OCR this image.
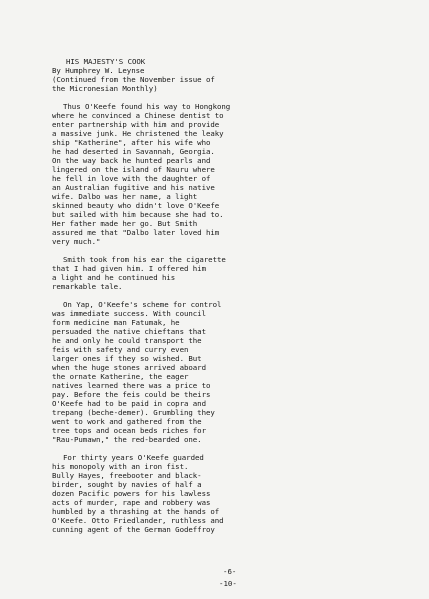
HIS MAJESTY'S COOK
By Humphrey W. Leynse
(Continued from the November issue of
the Micronesian Monthly)
Thus O'Keefe found his way to Hongkong
where he convinced a Chinese dentist to
enter partnership with him and provide
a massive junk. He christened the leaky
ship "Katherine", after his wife who
he had deserted in Savannah, Georgia.
On the way back he hunted pearls and
lingered on the island of Nauru where
he fell in love with the daughter of
an Australian fugitive and his native
wife. Dalbo was her name, a light
skinned beauty who didn't love O'Keefe
but sailed with him because she had to.
Her father made her go. But Smith
assured me that "Dalbo later loved him
very much."
Smith took from his ear the cigarette
that I had given him. I offered him
a light and he continued his
remarkable tale.
On Yap, O'Keefe's scheme for control
was immediate success. With council
form medicine man Fatumak, he
persuaded the native chieftans that
he and only he could transport the
feis with safety and curry even
larger ones if they so wished. But
when the huge stones arrived aboard
the ornate Katherine, the eager
natives learned there was a price to
pay. Before the feis could be theirs
O'Keefe had to be paid in copra and
trepang (beche-demer). Grumbling they
went to work and gathered from the
tree tops and ocean beds riches for
"Rau-Pumawn," the red-bearded one.
For thirty years O'Keefe guarded
his monopoly with an iron fist.
Bully Hayes, freebooter and black-
birder, sought by navies of half a
dozen Pacific powers for his lawless
acts of murder, rape and robbery was
humbled by a thrashing at the hands of
O'Keefe. Otto Friedlander, ruthless and
cunning agent of the German Godeffroy
-6-
-10-
